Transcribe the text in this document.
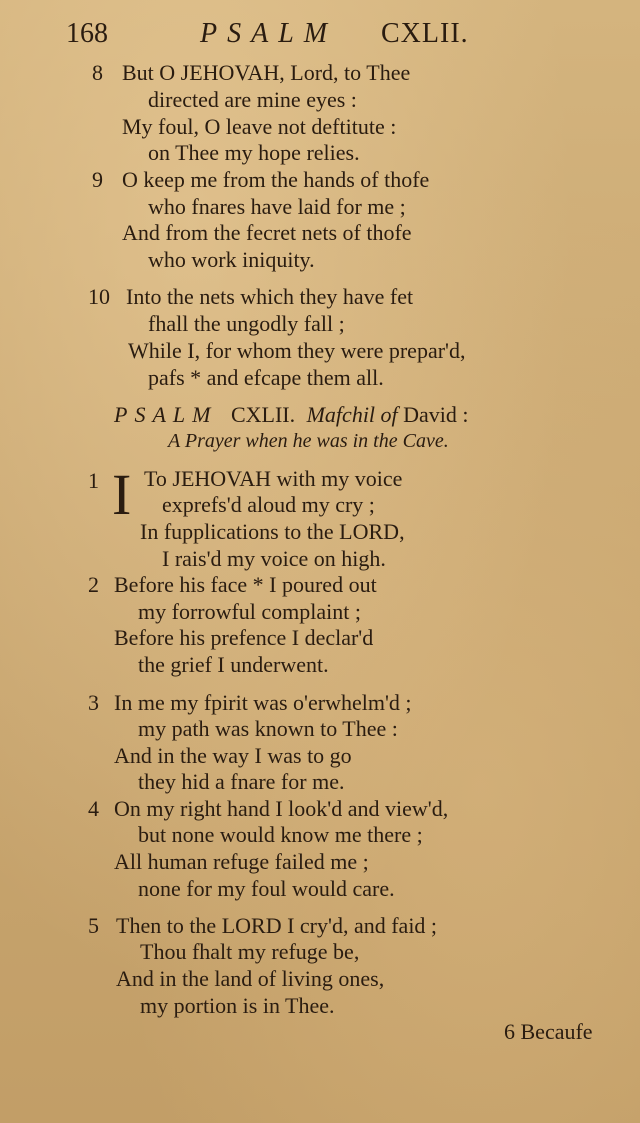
168	PSALM CXLII.
8 But O JEHOVAH, Lord, to Thee
directed are mine eyes :
My foul, O leave not deftitute :
on Thee my hope relies.
9 O keep me from the hands of thofe
who fnares have laid for me ;
And from the fecret nets of thofe
who work iniquity.
10 Into the nets which they have fet
fhall the ungodly fall ;
While I, for whom they were prepar'd,
pafs * and efcape them all.
PSALM CXLII. Mafchil of David :
A Prayer when he was in the Cave.
1 I To JEHOVAH with my voice
exprefs'd aloud my cry ;
In fupplications to the LORD,
I rais'd my voice on high.
2 Before his face * I poured out
my forrowful complaint ;
Before his prefence I declar'd
the grief I underwent.
3 In me my fpirit was o'erwhelm'd ;
my path was known to Thee :
And in the way I was to go
they hid a fnare for me.
4 On my right hand I look'd and view'd,
but none would know me there ;
All human refuge failed me ;
none for my foul would care.
5 Then to the LORD I cry'd, and faid ;
Thou fhalt my refuge be,
And in the land of living ones,
my portion is in Thee.
6 Becaufe
